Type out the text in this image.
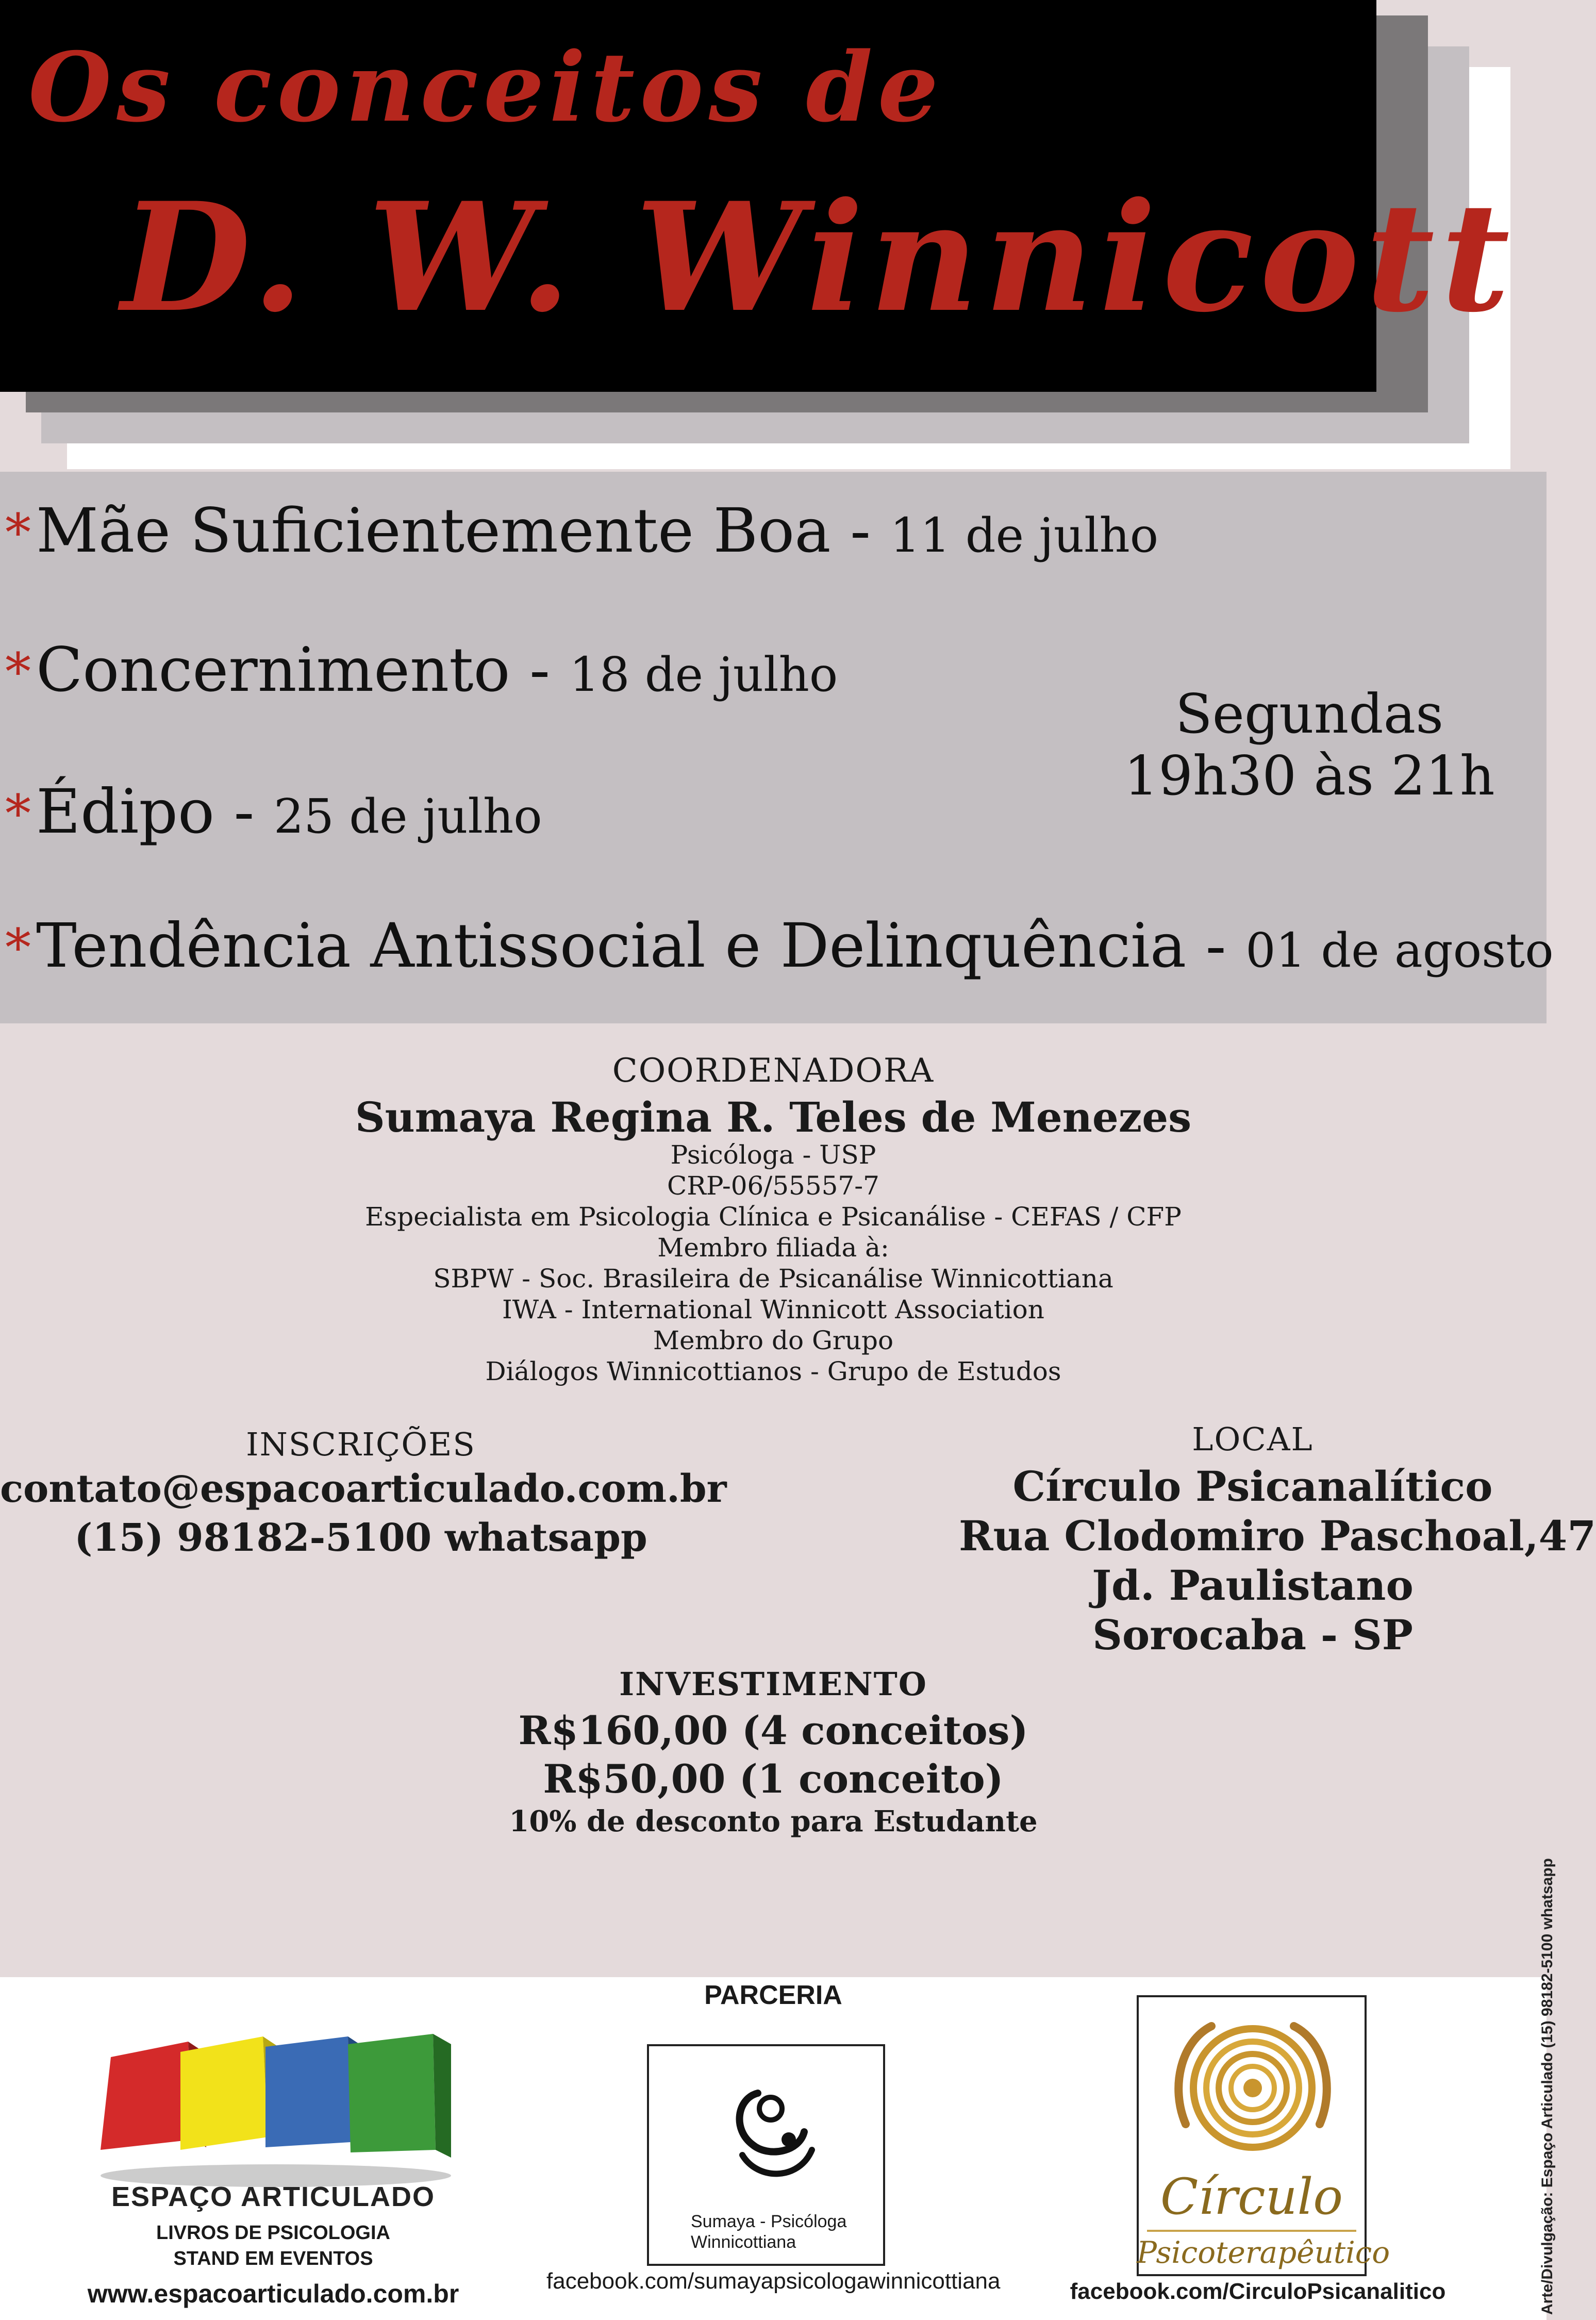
Os conceitos de
D. W. Winnicott
*Mãe Suficientemente Boa - 11 de julho
*Concernimento - 18 de julho
*Édipo - 25 de julho
*Tendência Antissocial e Delinquência - 01 de agosto
Segundas
19h30 às 21h
COORDENADORA
Sumaya Regina R. Teles de Menezes
Psicóloga - USP
CRP-06/55557-7
Especialista em Psicologia Clínica e Psicanálise - CEFAS / CFP
Membro filiada à:
SBPW - Soc. Brasileira de Psicanálise Winnicottiana
IWA - International Winnicott Association
Membro do Grupo
Diálogos Winnicottianos - Grupo de Estudos
INSCRIÇÕES
contato@espacoarticulado.com.br
(15) 98182-5100 whatsapp
LOCAL
Círculo Psicanalítico
Rua Clodomiro Paschoal,47
Jd. Paulistano
Sorocaba - SP
INVESTIMENTO
R$160,00 (4 conceitos)
R$50,00 (1 conceito)
10% de desconto para Estudante
PARCERIA
ESPAÇO ARTICULADO
LIVROS DE PSICOLOGIA
STAND EM EVENTOS
www.espacoarticulado.com.br
Sumaya - Psicóloga
Winnicottiana
facebook.com/sumayapsicologawinnicottiana
Círculo
Psicoterapêutico
facebook.com/CirculoPsicanalitico	Arte/Divulgação: Espaço Articulado (15) 98182-5100 whatsapp
